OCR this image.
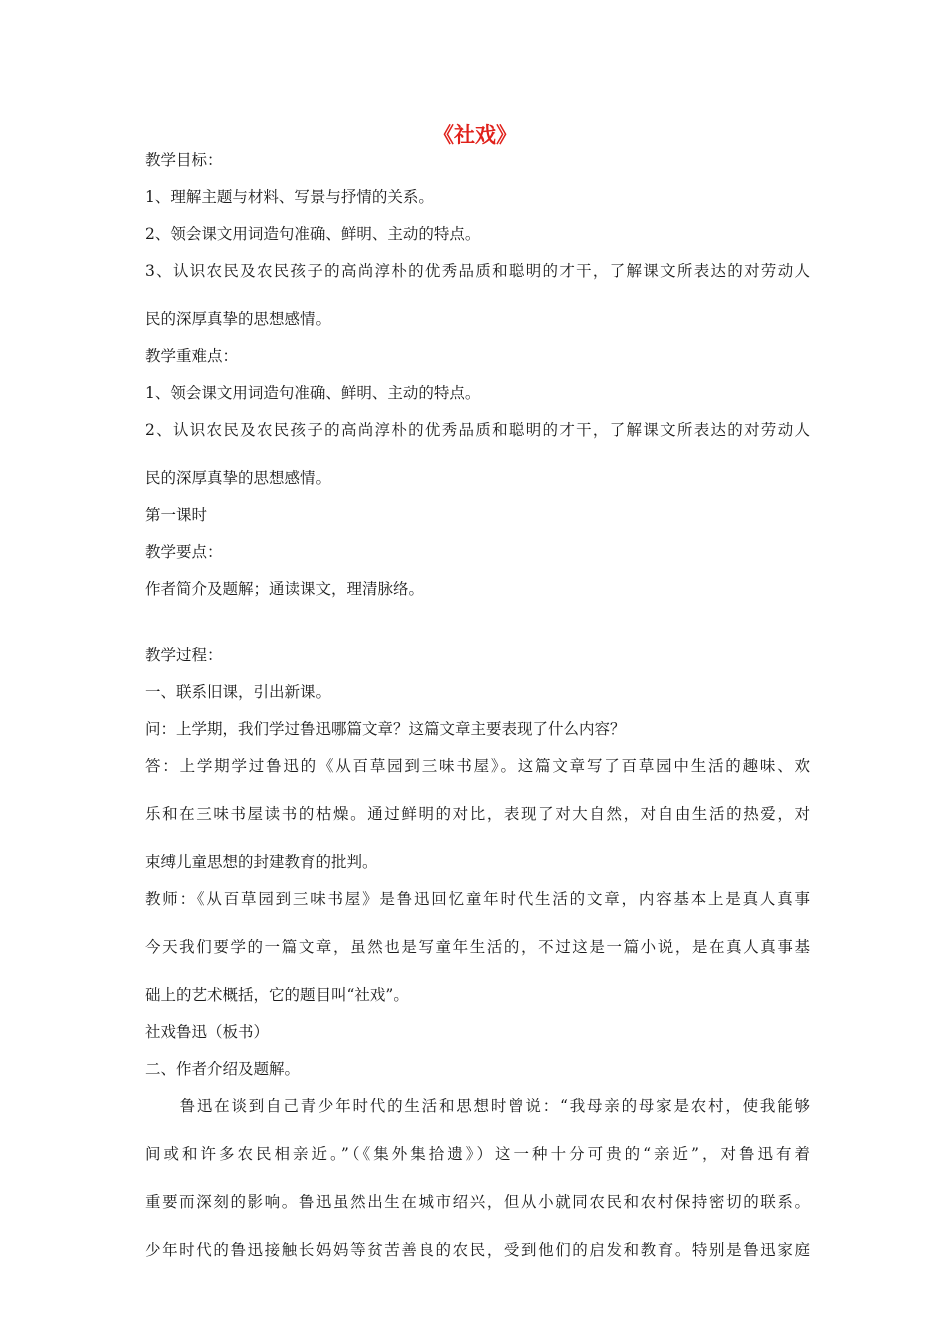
《社戏》
教学目标：
1、理解主题与材料、写景与抒情的关系。
2、领会课文用词造句准确、鲜明、主动的特点。
3、认识农民及农民孩子的高尚淳朴的优秀品质和聪明的才干，了解课文所表达的对劳动人
民的深厚真挚的思想感情。
教学重难点：
1、领会课文用词造句准确、鲜明、主动的特点。
2、认识农民及农民孩子的高尚淳朴的优秀品质和聪明的才干，了解课文所表达的对劳动人
民的深厚真挚的思想感情。
第一课时
教学要点：
作者简介及题解；通读课文，理清脉络。
教学过程：
一、联系旧课，引出新课。
问：上学期，我们学过鲁迅哪篇文章？这篇文章主要表现了什么内容？
答：上学期学过鲁迅的《从百草园到三味书屋》。这篇文章写了百草园中生活的趣味、欢
乐和在三味书屋读书的枯燥。通过鲜明的对比，表现了对大自然，对自由生活的热爱，对
束缚儿童思想的封建教育的批判。
教师：《从百草园到三味书屋》是鲁迅回忆童年时代生活的文章，内容基本上是真人真事
今天我们要学的一篇文章，虽然也是写童年生活的，不过这是一篇小说，是在真人真事基
础上的艺术概括，它的题目叫“社戏”。
社戏鲁迅（板书）
二、作者介绍及题解。
　　鲁迅在谈到自己青少年时代的生活和思想时曾说：“我母亲的母家是农村，使我能够
间或和许多农民相亲近。”（《集外集拾遗》）这一种十分可贵的“亲近”，对鲁迅有着
重要而深刻的影响。鲁迅虽然出生在城市绍兴，但从小就同农民和农村保持密切的联系。
少年时代的鲁迅接触长妈妈等贫苦善良的农民，受到他们的启发和教育。特别是鲁迅家庭
